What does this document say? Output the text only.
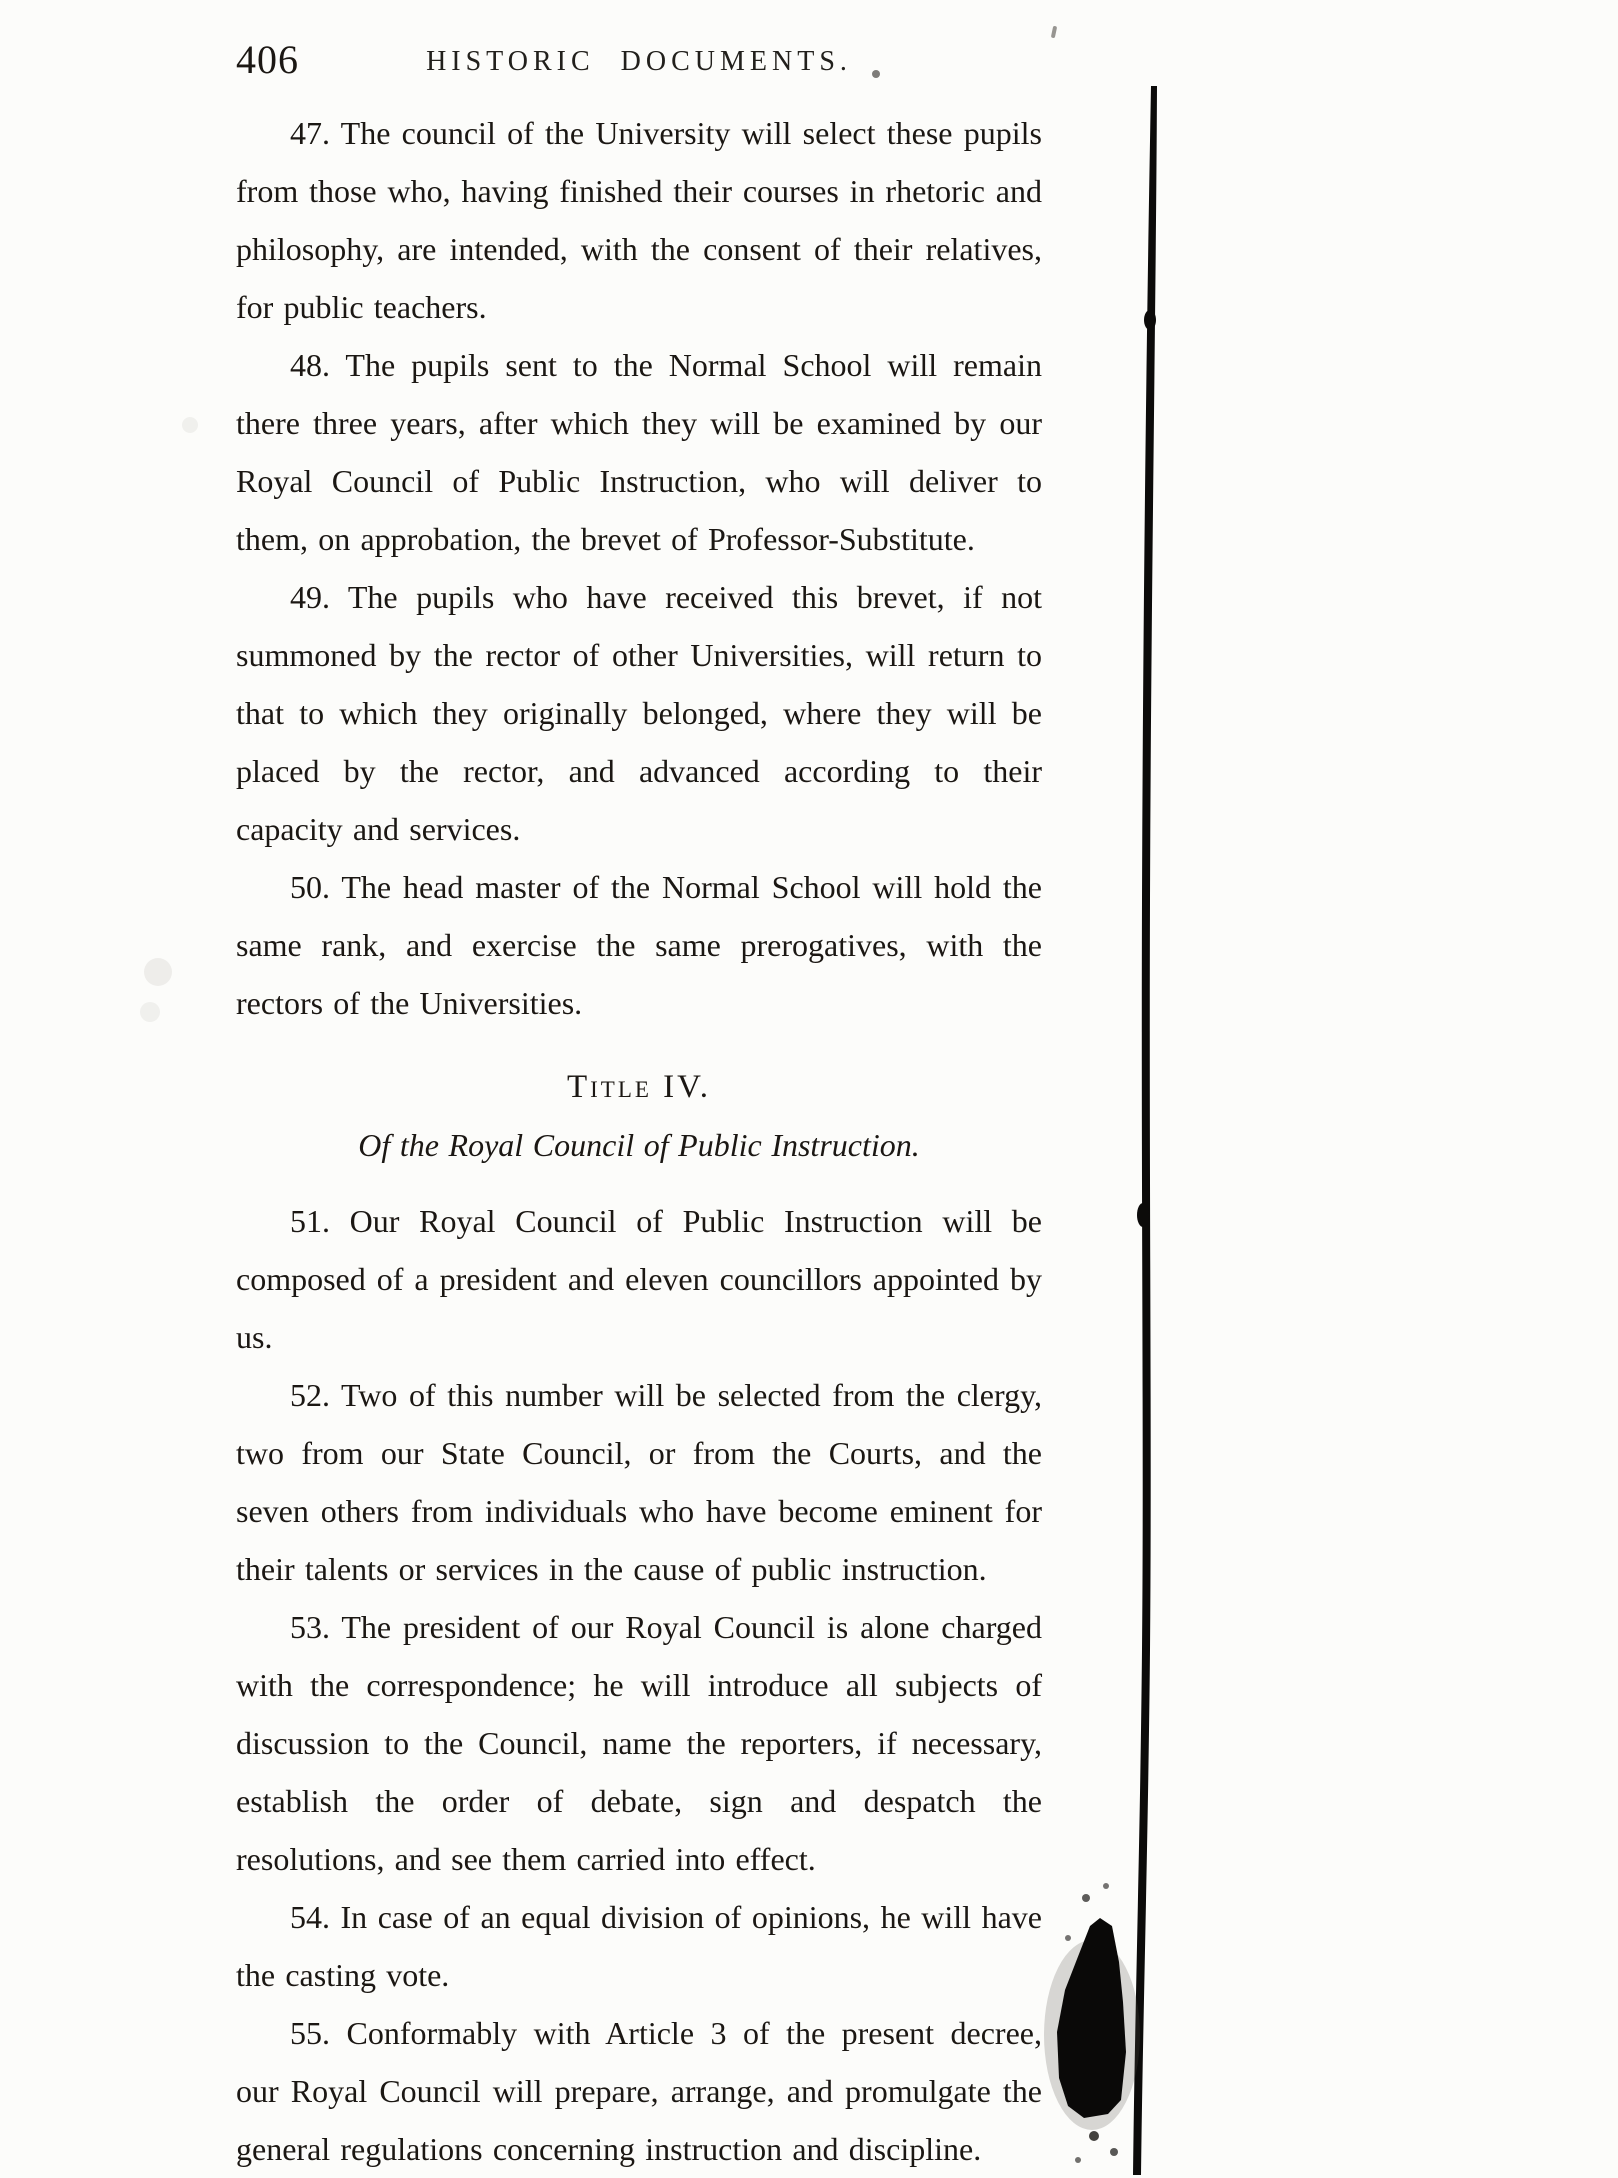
406	HISTORIC DOCUMENTS.

47. The council of the University will select these pupils from those who, having finished their courses in rhetoric and philosophy, are intended, with the consent of their relatives, for public teachers.

48. The pupils sent to the Normal School will remain there three years, after which they will be examined by our Royal Council of Public Instruction, who will deliver to them, on approbation, the brevet of Professor-Substitute.

49. The pupils who have received this brevet, if not summoned by the rector of other Universities, will return to that to which they originally belonged, where they will be placed by the rector, and advanced according to their capacity and services.

50. The head master of the Normal School will hold the same rank, and exercise the same prerogatives, with the rectors of the Universities.

Title IV.

Of the Royal Council of Public Instruction.

51. Our Royal Council of Public Instruction will be composed of a president and eleven councillors appointed by us.

52. Two of this number will be selected from the clergy, two from our State Council, or from the Courts, and the seven others from individuals who have become eminent for their talents or services in the cause of public instruction.

53. The president of our Royal Council is alone charged with the correspondence; he will introduce all subjects of discussion to the Council, name the reporters, if necessary, establish the order of debate, sign and despatch the resolutions, and see them carried into effect.

54. In case of an equal division of opinions, he will have the casting vote.

55. Conformably with Article 3 of the present decree, our Royal Council will prepare, arrange, and promulgate the general regulations concerning instruction and discipline.
